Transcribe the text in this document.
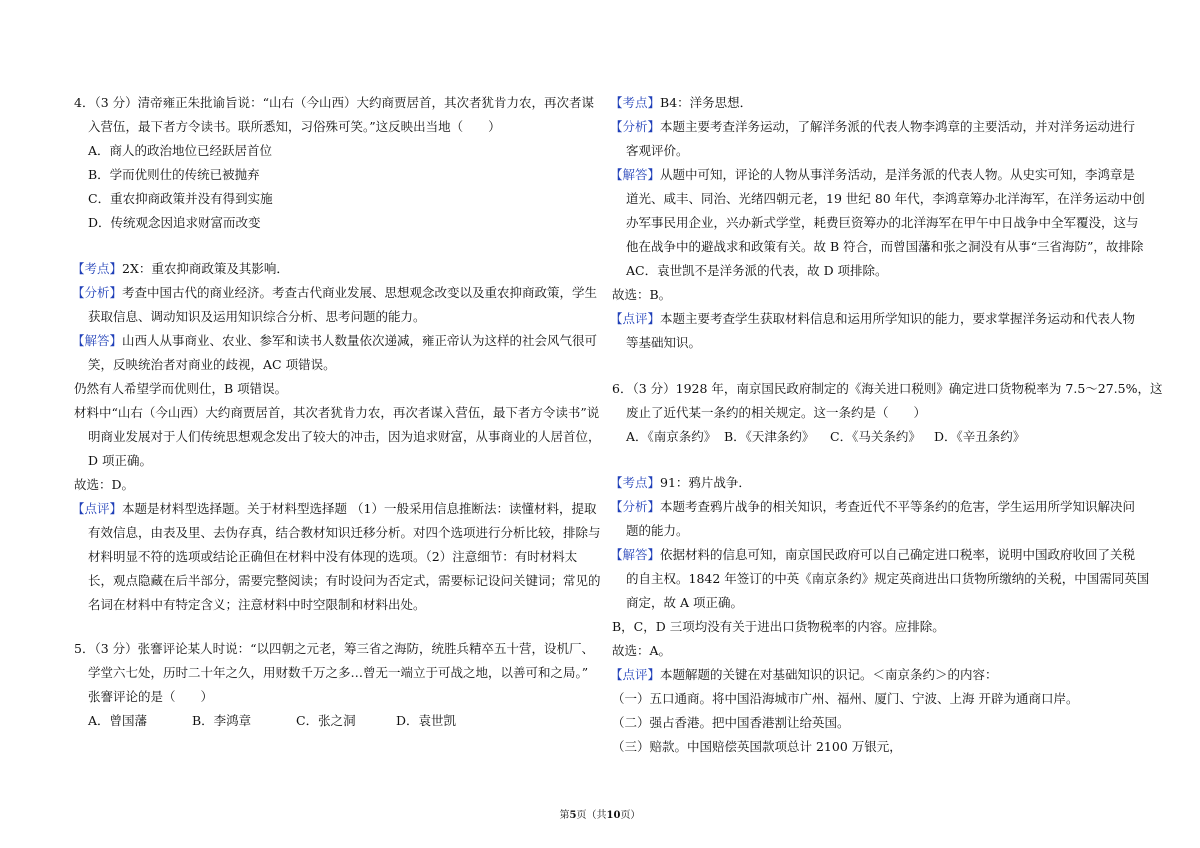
4．（3 分）清帝雍正朱批谕旨说：“山右（今山西）大约商贾居首，其次者犹肯力农，再次者谋
入营伍，最下者方令读书。联所悉知，习俗殊可笑。”这反映出当地（　　）
A．商人的政治地位已经跃居首位
B．学而优则仕的传统已被抛弃
C．重农抑商政策并没有得到实施
D．传统观念因追求财富而改变
【考点】2X：重农抑商政策及其影响．
【分析】考查中国古代的商业经济。考查古代商业发展、思想观念改变以及重农抑商政策，学生
获取信息、调动知识及运用知识综合分析、思考问题的能力。
【解答】山西人从事商业、农业、参军和读书人数量依次递减，雍正帝认为这样的社会风气很可
笑，反映统治者对商业的歧视，AC 项错误。
仍然有人希望学而优则仕，B 项错误。
材料中“山右（今山西）大约商贾居首，其次者犹肯力农，再次者谋入营伍，最下者方令读书”说
明商业发展对于人们传统思想观念发出了较大的冲击，因为追求财富，从事商业的人居首位，
D 项正确。
故选：D。
【点评】本题是材料型选择题。关于材料型选择题 （1）一般采用信息推断法：读懂材料，提取
有效信息，由表及里、去伪存真，结合教材知识迁移分析。对四个选项进行分析比较，排除与
材料明显不符的选项或结论正确但在材料中没有体现的选项。（2）注意细节：有时材料太
长，观点隐藏在后半部分，需要完整阅读；有时设问为否定式，需要标记设问关键词；常见的
名词在材料中有特定含义；注意材料中时空限制和材料出处。
5．（3 分）张謇评论某人时说：“以四朝之元老，筹三省之海防，统胜兵精卒五十营，设机厂、
学堂六七处，历时二十年之久，用财数千万之多…曾无一端立于可战之地，以善可和之局。”
张謇评论的是（　　）
A．曾国藩	B．李鸿章	C．张之洞	D．袁世凯
【考点】B4：洋务思想．
【分析】本题主要考查洋务运动，了解洋务派的代表人物李鸿章的主要活动，并对洋务运动进行
客观评价。
【解答】从题中可知，评论的人物从事洋务活动，是洋务派的代表人物。从史实可知，李鸿章是
道光、咸丰、同治、光绪四朝元老，19 世纪 80 年代，李鸿章筹办北洋海军，在洋务运动中创
办军事民用企业，兴办新式学堂，耗费巨资筹办的北洋海军在甲午中日战争中全军覆没，这与
他在战争中的避战求和政策有关。故 B 符合，而曾国藩和张之洞没有从事“三省海防”，故排除
AC．袁世凯不是洋务派的代表，故 D 项排除。
故选：B。
【点评】本题主要考查学生获取材料信息和运用所学知识的能力，要求掌握洋务运动和代表人物
等基础知识。
6．（3 分）1928 年，南京国民政府制定的《海关进口税则》确定进口货物税率为 7.5～27.5%，这
废止了近代某一条约的相关规定。这一条约是（　　）
A．《南京条约》 B．《天津条约》 C．《马关条约》 D．《辛丑条约》
【考点】91：鸦片战争．
【分析】本题考查鸦片战争的相关知识，考查近代不平等条约的危害，学生运用所学知识解决问
题的能力。
【解答】依据材料的信息可知，南京国民政府可以自己确定进口税率，说明中国政府收回了关税
的自主权。1842 年签订的中英《南京条约》规定英商进出口货物所缴纳的关税，中国需同英国
商定，故 A 项正确。
B，C，D 三项均没有关于进出口货物税率的内容。应排除。
故选：A。
【点评】本题解题的关键在对基础知识的识记。＜南京条约＞的内容：
（一）五口通商。将中国沿海城市广州、福州、厦门、宁波、上海 开辟为通商口岸。
（二）强占香港。把中国香港割让给英国。
（三）赔款。中国赔偿英国款项总计 2100 万银元，
第5页（共10页）
